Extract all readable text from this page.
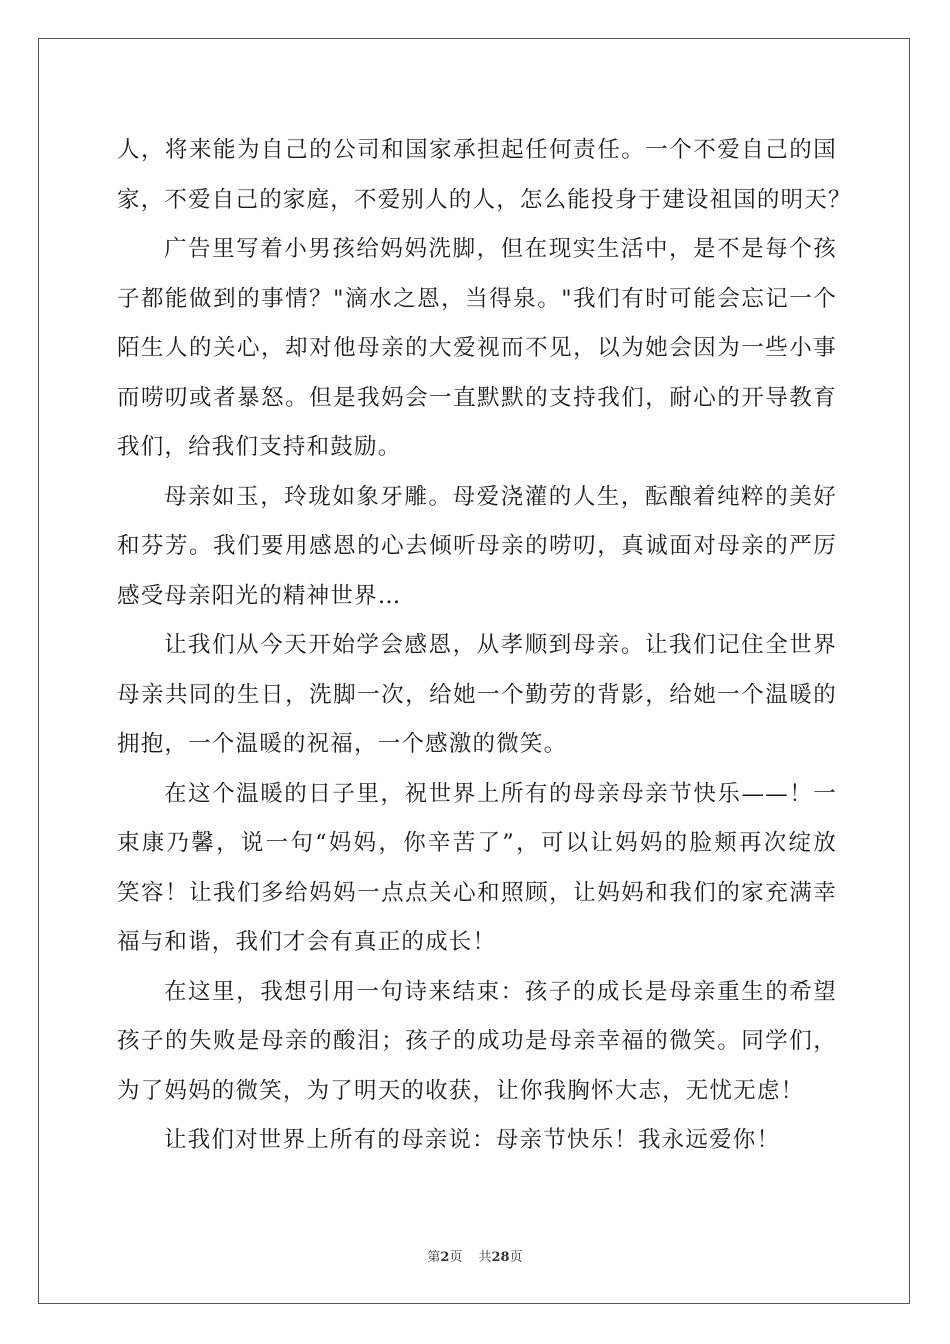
人，将来能为自己的公司和国家承担起任何责任。一个不爱自己的国
家，不爱自己的家庭，不爱别人的人，怎么能投身于建设祖国的明天？
广告里写着小男孩给妈妈洗脚，但在现实生活中，是不是每个孩
子都能做到的事情？"滴水之恩，当得泉。"我们有时可能会忘记一个
陌生人的关心，却对他母亲的大爱视而不见，以为她会因为一些小事
而唠叨或者暴怒。但是我妈会一直默默的支持我们，耐心的开导教育
我们，给我们支持和鼓励。
母亲如玉，玲珑如象牙雕。母爱浇灌的人生，酝酿着纯粹的美好
和芬芳。我们要用感恩的心去倾听母亲的唠叨，真诚面对母亲的严厉
感受母亲阳光的精神世界…
让我们从今天开始学会感恩，从孝顺到母亲。让我们记住全世界
母亲共同的生日，洗脚一次，给她一个勤劳的背影，给她一个温暖的
拥抱，一个温暖的祝福，一个感激的微笑。
在这个温暖的日子里，祝世界上所有的母亲母亲节快乐——！一
束康乃馨，说一句“妈妈，你辛苦了”，可以让妈妈的脸颊再次绽放
笑容！让我们多给妈妈一点点关心和照顾，让妈妈和我们的家充满幸
福与和谐，我们才会有真正的成长！
在这里，我想引用一句诗来结束：孩子的成长是母亲重生的希望
孩子的失败是母亲的酸泪；孩子的成功是母亲幸福的微笑。同学们，
为了妈妈的微笑，为了明天的收获，让你我胸怀大志，无忧无虑！
让我们对世界上所有的母亲说：母亲节快乐！我永远爱你！
第2页 共28页
